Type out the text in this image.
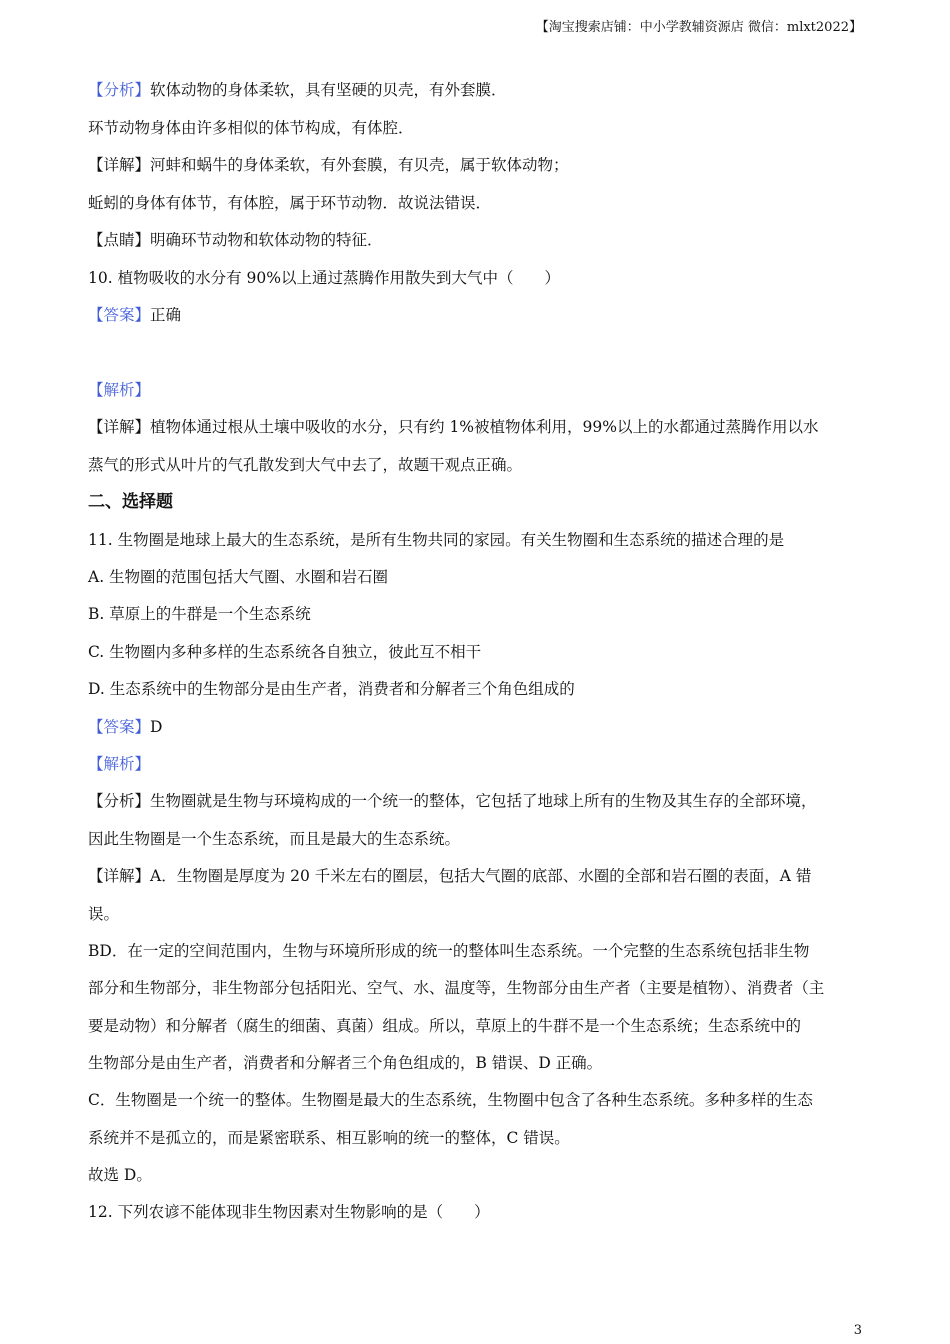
【淘宝搜索店铺：中小学教辅资源店 微信：mlxt2022】
【分析】软体动物的身体柔软，具有坚硬的贝壳，有外套膜．
环节动物身体由许多相似的体节构成，有体腔．
【详解】河蚌和蜗牛的身体柔软，有外套膜，有贝壳，属于软体动物；
蚯蚓的身体有体节，有体腔，属于环节动物．故说法错误．
【点睛】明确环节动物和软体动物的特征．
10. 植物吸收的水分有 90%以上通过蒸腾作用散失到大气中（　　）
【答案】正确
【解析】
【详解】植物体通过根从土壤中吸收的水分，只有约 1%被植物体利用，99%以上的水都通过蒸腾作用以水
蒸气的形式从叶片的气孔散发到大气中去了，故题干观点正确。
二、选择题
11. 生物圈是地球上最大的生态系统，是所有生物共同的家园。有关生物圈和生态系统的描述合理的是
A. 生物圈的范围包括大气圈、水圈和岩石圈
B. 草原上的牛群是一个生态系统
C. 生物圈内多种多样的生态系统各自独立，彼此互不相干
D. 生态系统中的生物部分是由生产者，消费者和分解者三个角色组成的
【答案】D
【解析】
【分析】生物圈就是生物与环境构成的一个统一的整体，它包括了地球上所有的生物及其生存的全部环境，
因此生物圈是一个生态系统，而且是最大的生态系统。
【详解】A．生物圈是厚度为 20 千米左右的圈层，包括大气圈的底部、水圈的全部和岩石圈的表面，A 错
误。
BD．在一定的空间范围内，生物与环境所形成的统一的整体叫生态系统。一个完整的生态系统包括非生物
部分和生物部分，非生物部分包括阳光、空气、水、温度等，生物部分由生产者（主要是植物）、消费者（主
要是动物）和分解者（腐生的细菌、真菌）组成。所以，草原上的牛群不是一个生态系统；生态系统中的
生物部分是由生产者，消费者和分解者三个角色组成的，B 错误、D 正确。
C．生物圈是一个统一的整体。生物圈是最大的生态系统，生物圈中包含了各种生态系统。多种多样的生态
系统并不是孤立的，而是紧密联系、相互影响的统一的整体，C 错误。
故选 D。
12. 下列农谚不能体现非生物因素对生物影响的是（　　）
3
